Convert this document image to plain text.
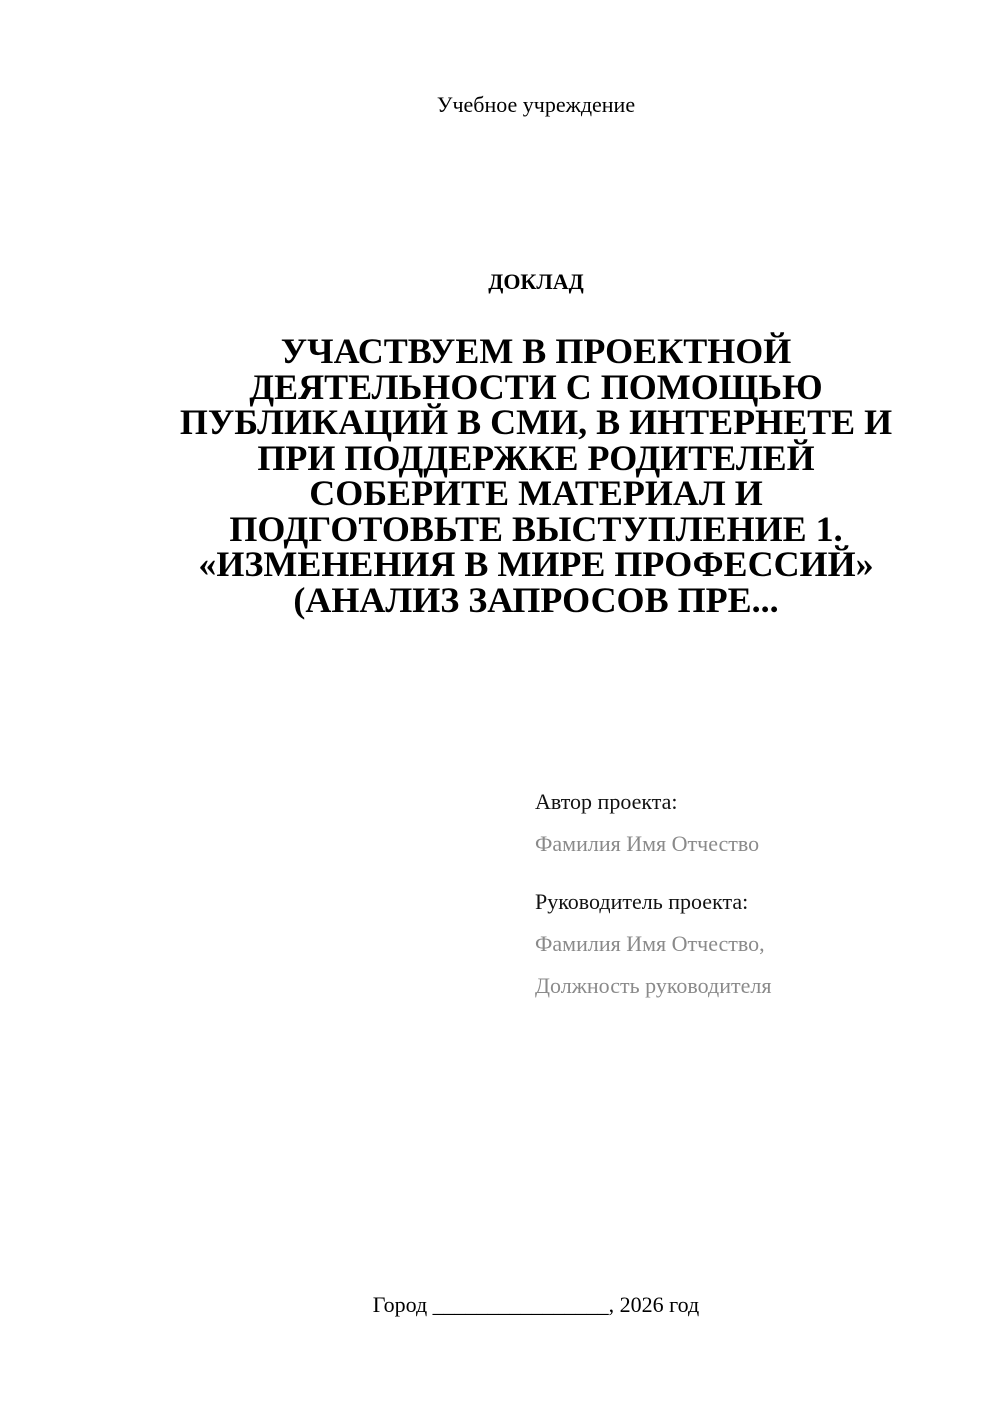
Учебное учреждение
ДОКЛАД
УЧАСТВУЕМ В ПРОЕКТНОЙ
ДЕЯТЕЛЬНОСТИ С ПОМОЩЬЮ
ПУБЛИКАЦИЙ В СМИ, В ИНТЕРНЕТЕ И
ПРИ ПОДДЕРЖКЕ РОДИТЕЛЕЙ
СОБЕРИТЕ МАТЕРИАЛ И
ПОДГОТОВЬТЕ ВЫСТУПЛЕНИЕ 1.
«ИЗМЕНЕНИЯ В МИРЕ ПРОФЕССИЙ»
(АНАЛИЗ ЗАПРОСОВ ПРЕ...
Автор проекта:
Фамилия Имя Отчество
Руководитель проекта:
Фамилия Имя Отчество,
Должность руководителя
Город ________________, 2026 год
